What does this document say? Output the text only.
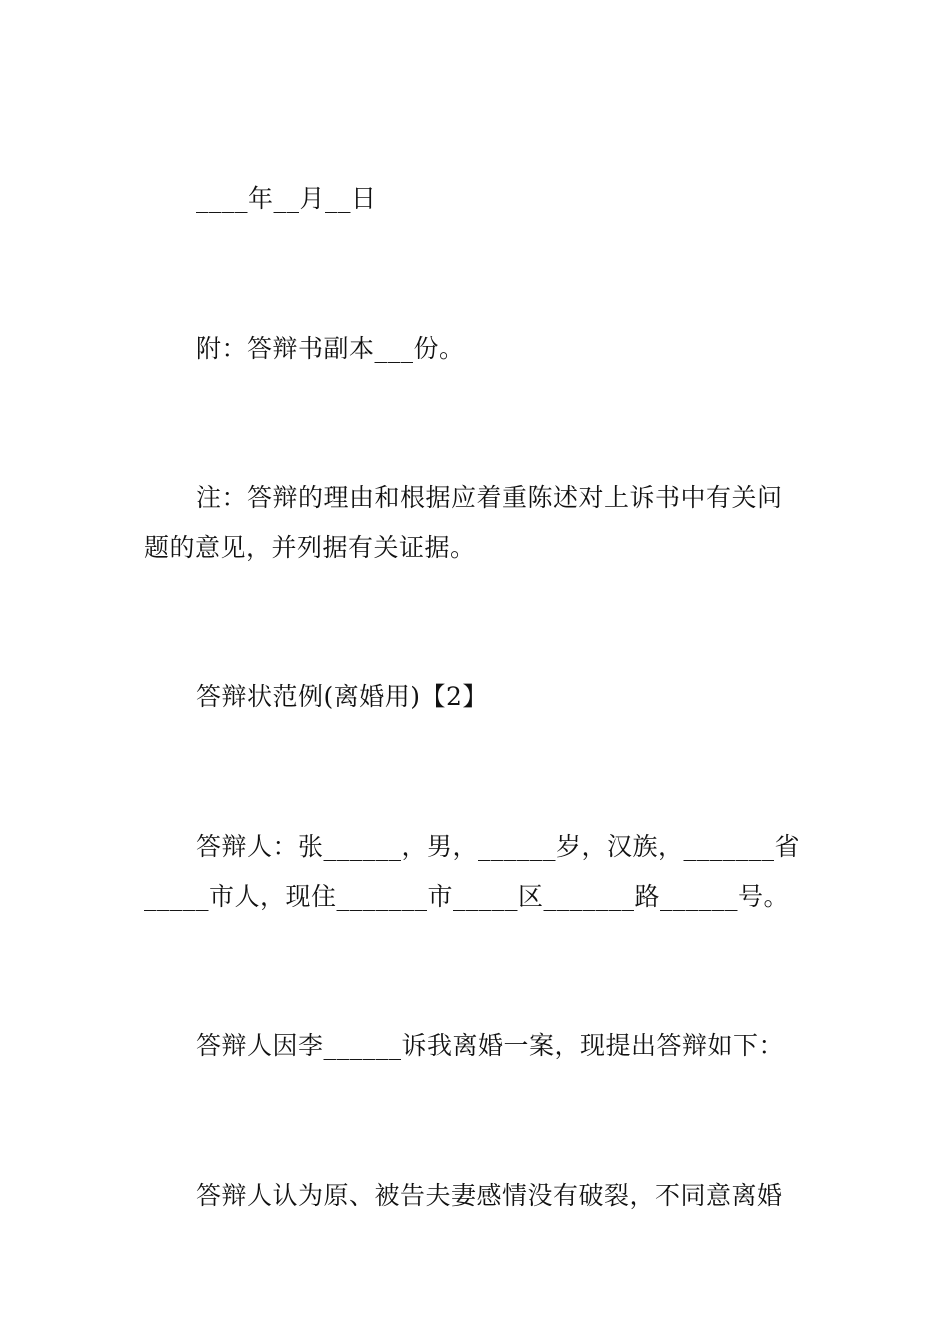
____年__月__日
附：答辩书副本___份。
注：答辩的理由和根据应着重陈述对上诉书中有关问
题的意见，并列据有关证据。
答辩状范例(离婚用)【2】
答辩人：张______，男，______岁，汉族，_______省
_____市人，现住_______市_____区_______路______号。
答辩人因李______诉我离婚一案，现提出答辩如下：
答辩人认为原、被告夫妻感情没有破裂，不同意离婚
